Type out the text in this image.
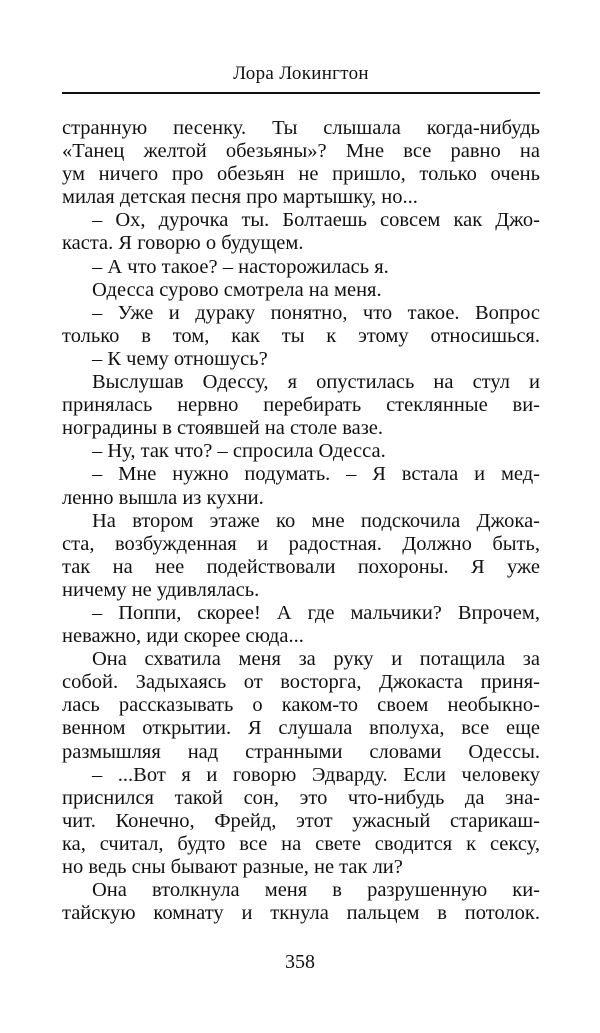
Лора Локингтон
странную песенку. Ты слышала когда-нибудь
«Танец желтой обезьяны»? Мне все равно на
ум ничего про обезьян не пришло, только очень
милая детская песня про мартышку, но...
– Ох, дурочка ты. Болтаешь совсем как Джо-
каста. Я говорю о будущем.
– А что такое? – насторожилась я.
Одесса сурово смотрела на меня.
– Уже и дураку понятно, что такое. Вопрос
только в том, как ты к этому относишься.
– К чему отношусь?
Выслушав Одессу, я опустилась на стул и
принялась нервно перебирать стеклянные ви-
ноградины в стоявшей на столе вазе.
– Ну, так что? – спросила Одесса.
– Мне нужно подумать. – Я встала и мед-
ленно вышла из кухни.
На втором этаже ко мне подскочила Джока-
ста, возбужденная и радостная. Должно быть,
так на нее подействовали похороны. Я уже
ничему не удивлялась.
– Поппи, скорее! А где мальчики? Впрочем,
неважно, иди скорее сюда...
Она схватила меня за руку и потащила за
собой. Задыхаясь от восторга, Джокаста приня-
лась рассказывать о каком-то своем необыкно-
венном открытии. Я слушала вполуха, все еще
размышляя над странными словами Одессы.
– ...Вот я и говорю Эдварду. Если человеку
приснился такой сон, это что-нибудь да зна-
чит. Конечно, Фрейд, этот ужасный старикаш-
ка, считал, будто все на свете сводится к сексу,
но ведь сны бывают разные, не так ли?
Она втолкнула меня в разрушенную ки-
тайскую комнату и ткнула пальцем в потолок.
358
